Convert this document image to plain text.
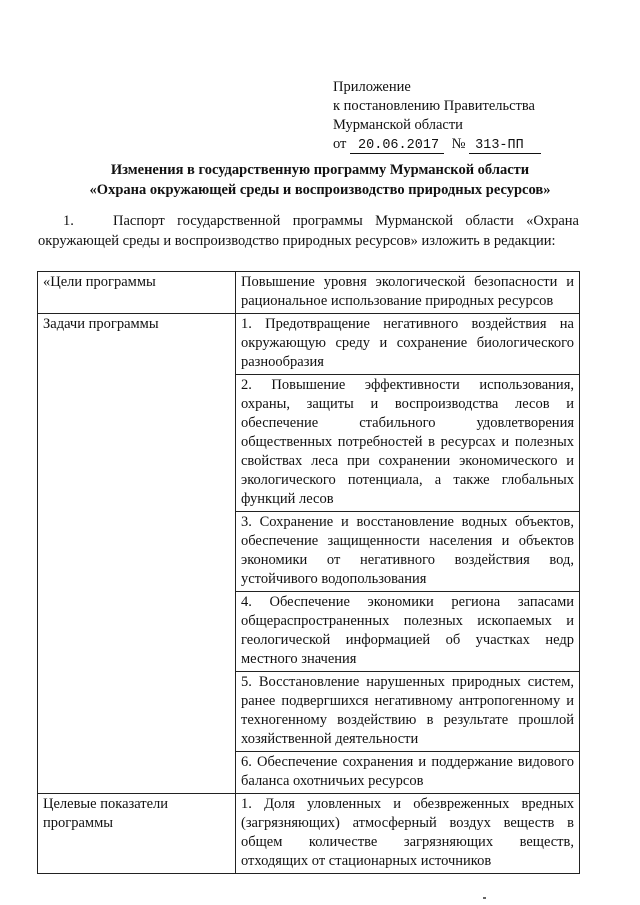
Приложение
к постановлению Правительства
Мурманской области
от 20.06.2017 № 313-ПП
Изменения в государственную программу Мурманской области
«Охрана окружающей среды и воспроизводство природных ресурсов»
1.	Паспорт государственной программы Мурманской области «Охрана окружающей среды и воспроизводство природных ресурсов» изложить в редакции:
«Цели программы	Повышение уровня экологической безопасности и рациональное использование природных ресурсов
Задачи программы	1. Предотвращение негативного воздействия на окружающую среду и сохранение биологического разнообразия
	2. Повышение эффективности использования, охраны, защиты и воспроизводства лесов и обеспечение стабильного удовлетворения общественных потребностей в ресурсах и полезных свойствах леса при сохранении экономического и экологического потенциала, а также глобальных функций лесов
	3. Сохранение и восстановление водных объектов, обеспечение защищенности населения и объектов экономики от негативного воздействия вод, устойчивого водопользования
	4. Обеспечение экономики региона запасами общераспространенных полезных ископаемых и геологической информацией об участках недр местного значения
	5. Восстановление нарушенных природных систем, ранее подвергшихся негативному антропогенному и техногенному воздействию в результате прошлой хозяйственной деятельности
	6. Обеспечение сохранения и поддержание видового баланса охотничьих ресурсов
Целевые показатели программы	1. Доля уловленных и обезвреженных вредных (загрязняющих) атмосферный воздух веществ в общем количестве загрязняющих веществ, отходящих от стационарных источников
